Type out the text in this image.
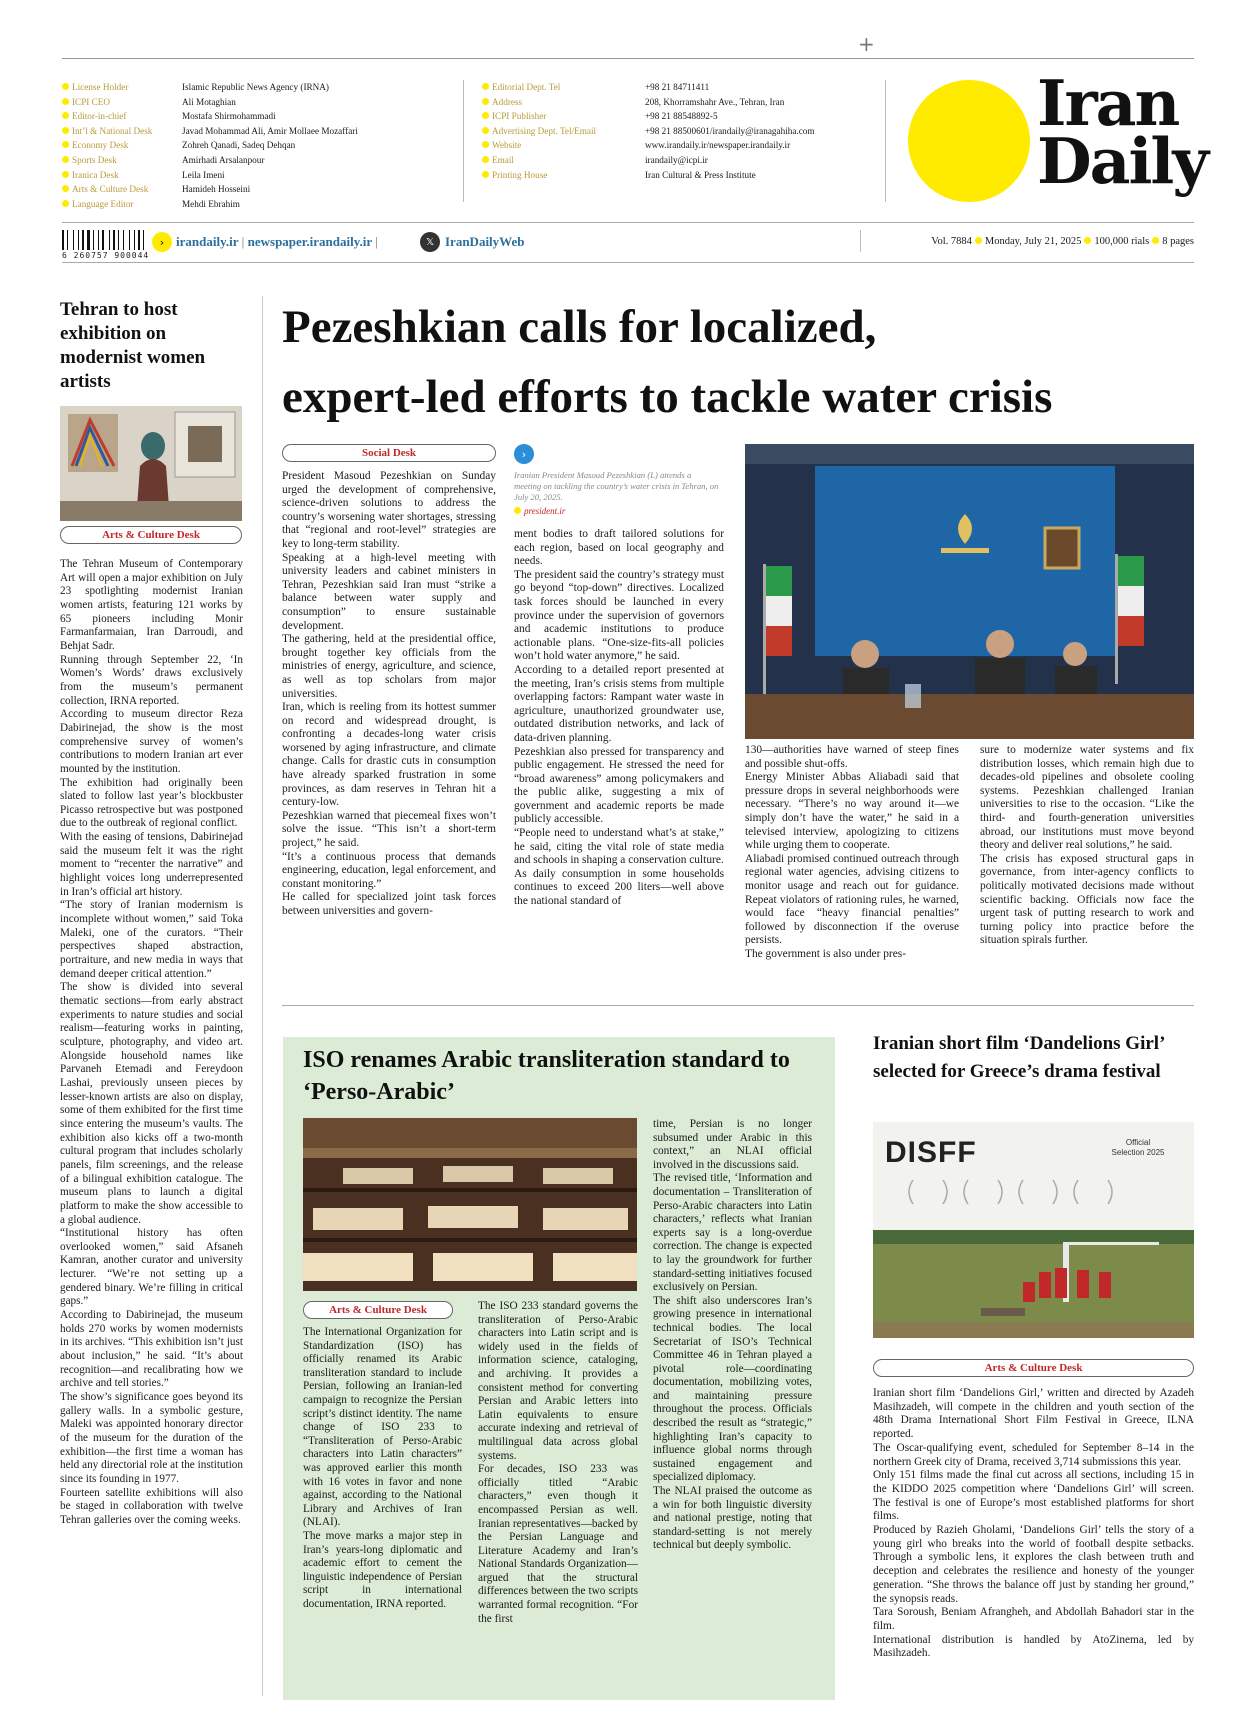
+
License Holder	Islamic Republic News Agency (IRNA)
ICPI CEO	Ali Motaghian
Editor-in-chief	Mostafa Shirmohammadi
Int’l & National Desk	Javad Mohammad Ali, Amir Mollaee Mozaffari
Economy Desk	Zohreh Qanadi, Sadeq Dehqan
Sports Desk	Amirhadi Arsalanpour
Iranica Desk	Leila Imeni
Arts & Culture Desk	Hamideh Hosseini
Language Editor	Mehdi Ebrahim
Editorial Dept. Tel	+98 21 84711411
Address	208, Khorramshahr Ave., Tehran, Iran
ICPI Publisher	+98 21 88548892-5
Advertising Dept. Tel/Email	+98 21 88500601/irandaily@iranagahiha.com
Website	www.irandaily.ir/newspaper.irandaily.ir
Email	irandaily@icpi.ir
Printing House	Iran Cultural & Press Institute
Iran
Daily
6 260757 900044
› irandaily.ir | newspaper.irandaily.ir |	𝕏 IranDailyWeb	Vol. 7884 Monday, July 21, 2025 100,000 rials 8 pages
Tehran to host exhibition on modernist women artists
Arts & Culture Desk

The Tehran Museum of Contemporary Art will open a major exhibition on July 23 spotlighting modernist Iranian women artists, featuring 121 works by 65 pioneers including Monir Farmanfarmaian, Iran Darroudi, and Behjat Sadr.

Running through September 22, ‘In Women’s Words’ draws exclusively from the museum’s permanent collection, IRNA reported.

According to museum director Reza Dabirinejad, the show is the most comprehensive survey of women’s contributions to modern Iranian art ever mounted by the institution.

The exhibition had originally been slated to follow last year’s blockbuster Picasso retrospective but was postponed due to the outbreak of regional conflict.

With the easing of tensions, Dabirinejad said the museum felt it was the right moment to “recenter the narrative” and highlight voices long underrepresented in Iran’s official art history.

“The story of Iranian modernism is incomplete without women,” said Toka Maleki, one of the curators. “Their perspectives shaped abstraction, portraiture, and new media in ways that demand deeper critical attention.”

The show is divided into several thematic sections—from early abstract experiments to nature studies and social realism—featuring works in painting, sculpture, photography, and video art. Alongside household names like Parvaneh Etemadi and Fereydoon Lashai, previously unseen pieces by lesser-known artists are also on display, some of them exhibited for the first time since entering the museum’s vaults. The exhibition also kicks off a two-month cultural program that includes scholarly panels, film screenings, and the release of a bilingual exhibition catalogue. The museum plans to launch a digital platform to make the show accessible to a global audience.

“Institutional history has often overlooked women,” said Afsaneh Kamran, another curator and university lecturer. “We’re not setting up a gendered binary. We’re filling in critical gaps.”

According to Dabirinejad, the museum holds 270 works by women modernists in its archives. “This exhibition isn’t just about inclusion,” he said. “It’s about recognition—and recalibrating how we archive and tell stories.”

The show’s significance goes beyond its gallery walls. In a symbolic gesture, Maleki was appointed honorary director of the museum for the duration of the exhibition—the first time a woman has held any directorial role at the institution since its founding in 1977.

Fourteen satellite exhibitions will also be staged in collaboration with twelve Tehran galleries over the coming weeks.

Pezeshkian calls for localized,
expert-led efforts to tackle water crisis
Social Desk

President Masoud Pezeshkian on Sunday urged the development of comprehensive, science-driven solutions to address the country’s worsening water shortages, stressing that “regional and root-level” strategies are key to long-term stability.

Speaking at a high-level meeting with university leaders and cabinet ministers in Tehran, Pezeshkian said Iran must “strike a balance between water supply and consumption” to ensure sustainable development.

The gathering, held at the presidential office, brought together key officials from the ministries of energy, agriculture, and science, as well as top scholars from major universities.

Iran, which is reeling from its hottest summer on record and widespread drought, is confronting a decades-long water crisis worsened by aging infrastructure, and climate change. Calls for drastic cuts in consumption have already sparked frustration in some provinces, as dam reserves in Tehran hit a century-low.

Pezeshkian warned that piecemeal fixes won’t solve the issue. “This isn’t a short-term project,” he said.

“It’s a continuous process that demands engineering, education, legal enforcement, and constant monitoring.”

He called for specialized joint task forces between universities and govern-

›
Iranian President Masoud Pezeshkian (L) attends a meeting on tackling the country’s water crisis in Tehran, on July 20, 2025.
president.ir

ment bodies to draft tailored solutions for each region, based on local geography and needs.

The president said the country’s strategy must go beyond “top-down” directives. Localized task forces should be launched in every province under the supervision of governors and academic institutions to produce actionable plans. “One-size-fits-all policies won’t hold water anymore,” he said.

According to a detailed report presented at the meeting, Iran’s crisis stems from multiple overlapping factors: Rampant water waste in agriculture, unauthorized groundwater use, outdated distribution networks, and lack of data-driven planning.

Pezeshkian also pressed for transparency and public engagement. He stressed the need for “broad awareness” among policymakers and the public alike, suggesting a mix of government and academic reports be made publicly accessible.

“People need to understand what’s at stake,” he said, citing the vital role of state media and schools in shaping a conservation culture.

As daily consumption in some households continues to exceed 200 liters—well above the national standard of

130—authorities have warned of steep fines and possible shut-offs.

Energy Minister Abbas Aliabadi said that pressure drops in several neighborhoods were necessary. “There’s no way around it—we simply don’t have the water,” he said in a televised interview, apologizing to citizens while urging them to cooperate.

Aliabadi promised continued outreach through regional water agencies, advising citizens to monitor usage and reach out for guidance. Repeat violators of rationing rules, he warned, would face “heavy financial penalties” followed by disconnection if the overuse persists.

The government is also under pres-

sure to modernize water systems and fix distribution losses, which remain high due to decades-old pipelines and obsolete cooling systems. Pezeshkian challenged Iranian universities to rise to the occasion. “Like the third- and fourth-generation universities abroad, our institutions must move beyond theory and deliver real solutions,” he said.

The crisis has exposed structural gaps in governance, from inter-agency conflicts to politically motivated decisions made without scientific backing. Officials now face the urgent task of putting research to work and turning policy into practice before the situation spirals further.

ISO renames Arabic transliteration standard to ‘Perso-Arabic’
Arts & Culture Desk

The International Organization for Standardization (ISO) has officially renamed its Arabic transliteration standard to include Persian, following an Iranian-led campaign to recognize the Persian script’s distinct identity. The name change of ISO 233 to “Transliteration of Perso-Arabic characters into Latin characters” was approved earlier this month with 16 votes in favor and none against, according to the National Library and Archives of Iran (NLAI).

The move marks a major step in Iran’s years-long diplomatic and academic effort to cement the linguistic independence of Persian script in international documentation, IRNA reported.

The ISO 233 standard governs the transliteration of Perso-Arabic characters into Latin script and is widely used in the fields of information science, cataloging, and archiving. It provides a consistent method for converting Persian and Arabic letters into Latin equivalents to ensure accurate indexing and retrieval of multilingual data across global systems.

For decades, ISO 233 was officially titled “Arabic characters,” even though it encompassed Persian as well. Iranian representatives—backed by the Persian Language and Literature Academy and Iran’s National Standards Organization—argued that the structural differences between the two scripts warranted formal recognition. “For the first

time, Persian is no longer subsumed under Arabic in this context,” an NLAI official involved in the discussions said.

The revised title, ‘Information and documentation – Transliteration of Perso-Arabic characters into Latin characters,’ reflects what Iranian experts say is a long-overdue correction. The change is expected to lay the groundwork for further standard-setting initiatives focused exclusively on Persian.

The shift also underscores Iran’s growing presence in international technical bodies. The local Secretariat of ISO’s Technical Committee 46 in Tehran played a pivotal role—coordinating documentation, mobilizing votes, and maintaining pressure throughout the process. Officials described the result as “strategic,” highlighting Iran’s capacity to influence global norms through sustained engagement and specialized diplomacy.

The NLAI praised the outcome as a win for both linguistic diversity and national prestige, noting that standard-setting is not merely technical but deeply symbolic.

Iranian short film ‘Dandelions Girl’ selected for Greece’s drama festival
DISFF	Official
Selection 2025
Arts & Culture Desk

Iranian short film ‘Dandelions Girl,’ written and directed by Azadeh Masihzadeh, will compete in the children and youth section of the 48th Drama International Short Film Festival in Greece, ILNA reported.

The Oscar-qualifying event, scheduled for September 8–14 in the northern Greek city of Drama, received 3,714 submissions this year.

Only 151 films made the final cut across all sections, including 15 in the KIDDO 2025 competition where ‘Dandelions Girl’ will screen. The festival is one of Europe’s most established platforms for short films.

Produced by Razieh Gholami, ‘Dandelions Girl’ tells the story of a young girl who breaks into the world of football despite setbacks. Through a symbolic lens, it explores the clash between truth and deception and celebrates the resilience and honesty of the younger generation. “She throws the balance off just by standing her ground,” the synopsis reads.

Tara Soroush, Beniam Afrangheh, and Abdollah Bahadori star in the film.

International distribution is handled by AtoZinema, led by Masihzadeh.
